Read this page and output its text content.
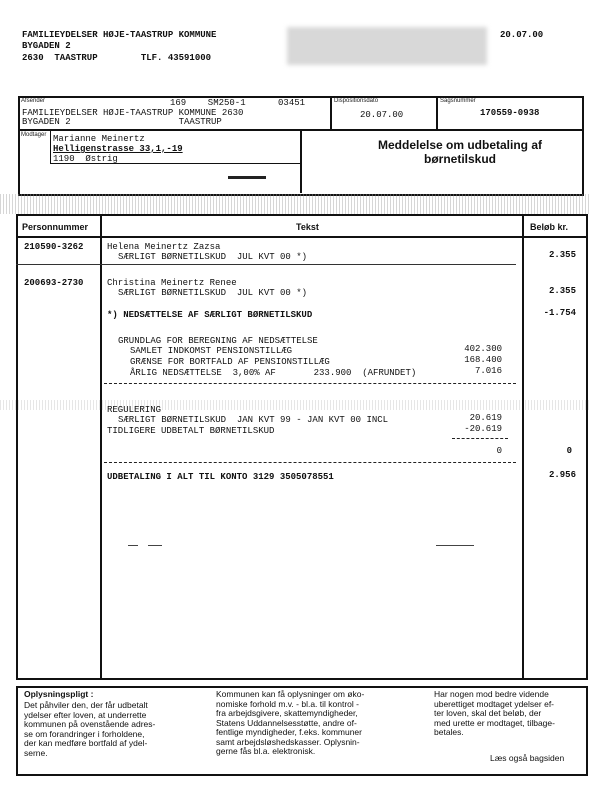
FAMILIEYDELSER HØJE-TAASTRUP KOMMUNE
BYGADEN 2
2630  TAASTRUP        TLF. 43591000
20.07.00
Afsender	169    SM250-1      03451
FAMILIEYDELSER HØJE-TAASTRUP KOMMUNE 2630
BYGADEN 2                    TAASTRUP
Dispositionsdato
20.07.00
Sagsnummer
170559-0938
Modtager Marianne Meinertz
Helligenstrasse 33,1,-19
1190  Østrig
Meddelelse om udbetaling af
børnetilskud
Personnummer	Tekst	Beløb kr.
210590-3262	Helena Meinertz Zazsa
SÆRLIGT BØRNETILSKUD  JUL KVT 00 *)	2.355
200693-2730	Christina Meinertz Renee
SÆRLIGT BØRNETILSKUD  JUL KVT 00 *)	2.355
*) NEDSÆTTELSE AF SÆRLIGT BØRNETILSKUD	-1.754
GRUNDLAG FOR BEREGNING AF NEDSÆTTELSE
SAMLET INDKOMST PENSIONSTILLÆG	402.300
GRÆNSE FOR BORTFALD AF PENSIONSTILLÆG	168.400
ÅRLIG NEDSÆTTELSE  3,00% AF       233.900  (AFRUNDET)	7.016
REGULERING
SÆRLIGT BØRNETILSKUD  JAN KVT 99 - JAN KVT 00 INCL	20.619
TIDLIGERE UDBETALT BØRNETILSKUD	-20.619
0	0
UDBETALING I ALT TIL KONTO 3129 3505078551	2.956
Oplysningspligt :
Det påhviler den, der får udbetalt
ydelser efter loven, at underrette
kommunen på ovenstående adres-
se om forandringer i forholdene,
der kan medføre bortfald af ydel-
serne.
Kommunen kan få oplysninger om øko-
nomiske forhold m.v. - bl.a. til kontrol -
fra arbejdsgivere, skattemyndigheder,
Statens Uddannelsesstøtte, andre of-
fentlige myndigheder, f.eks. kommuner
samt arbejdsløshedskasser. Oplysnin-
gerne fås bl.a. elektronisk.
Har nogen mod bedre vidende
uberettiget modtaget ydelser ef-
ter loven, skal det beløb, der
med urette er modtaget, tilbage-
betales.
Læs også bagsiden
